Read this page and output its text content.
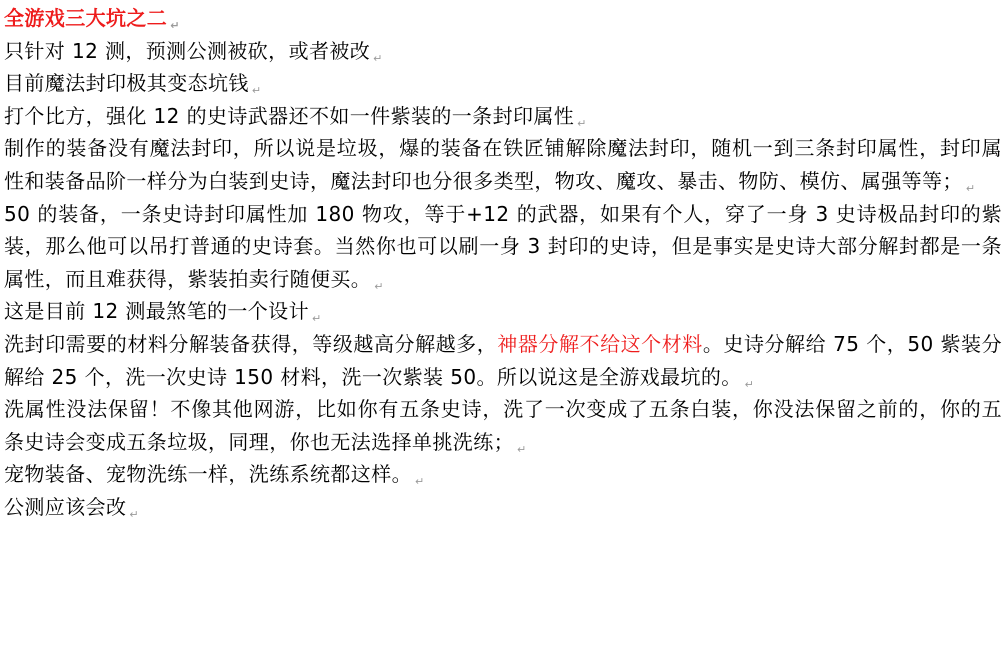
全游戏三大坑之二 ↵

只针对 12 测，预测公测被砍，或者被改 ↵

目前魔法封印极其变态坑钱 ↵

打个比方，强化 12 的史诗武器还不如一件紫装的一条封印属性 ↵

制作的装备没有魔法封印，所以说是垃圾，爆的装备在铁匠铺解除魔法封印，随机一到三条封印属性，封印属性和装备品阶一样分为白装到史诗，魔法封印也分很多类型，物攻、魔攻、暴击、物防、模仿、属强等等； ↵

50 的装备，一条史诗封印属性加 180 物攻，等于+12 的武器，如果有个人，穿了一身 3 史诗极品封印的紫装，那么他可以吊打普通的史诗套。当然你也可以刷一身 3 封印的史诗，但是事实是史诗大部分解封都是一条属性，而且难获得，紫装拍卖行随便买。 ↵

这是目前 12 测最煞笔的一个设计 ↵

洗封印需要的材料分解装备获得，等级越高分解越多，神器分解不给这个材料。史诗分解给 75 个，50 紫装分解给 25 个，洗一次史诗 150 材料，洗一次紫装 50。所以说这是全游戏最坑的。 ↵

洗属性没法保留！不像其他网游，比如你有五条史诗，洗了一次变成了五条白装，你没法保留之前的，你的五条史诗会变成五条垃圾，同理，你也无法选择单挑洗练； ↵

宠物装备、宠物洗练一样，洗练系统都这样。 ↵

公测应该会改 ↵
